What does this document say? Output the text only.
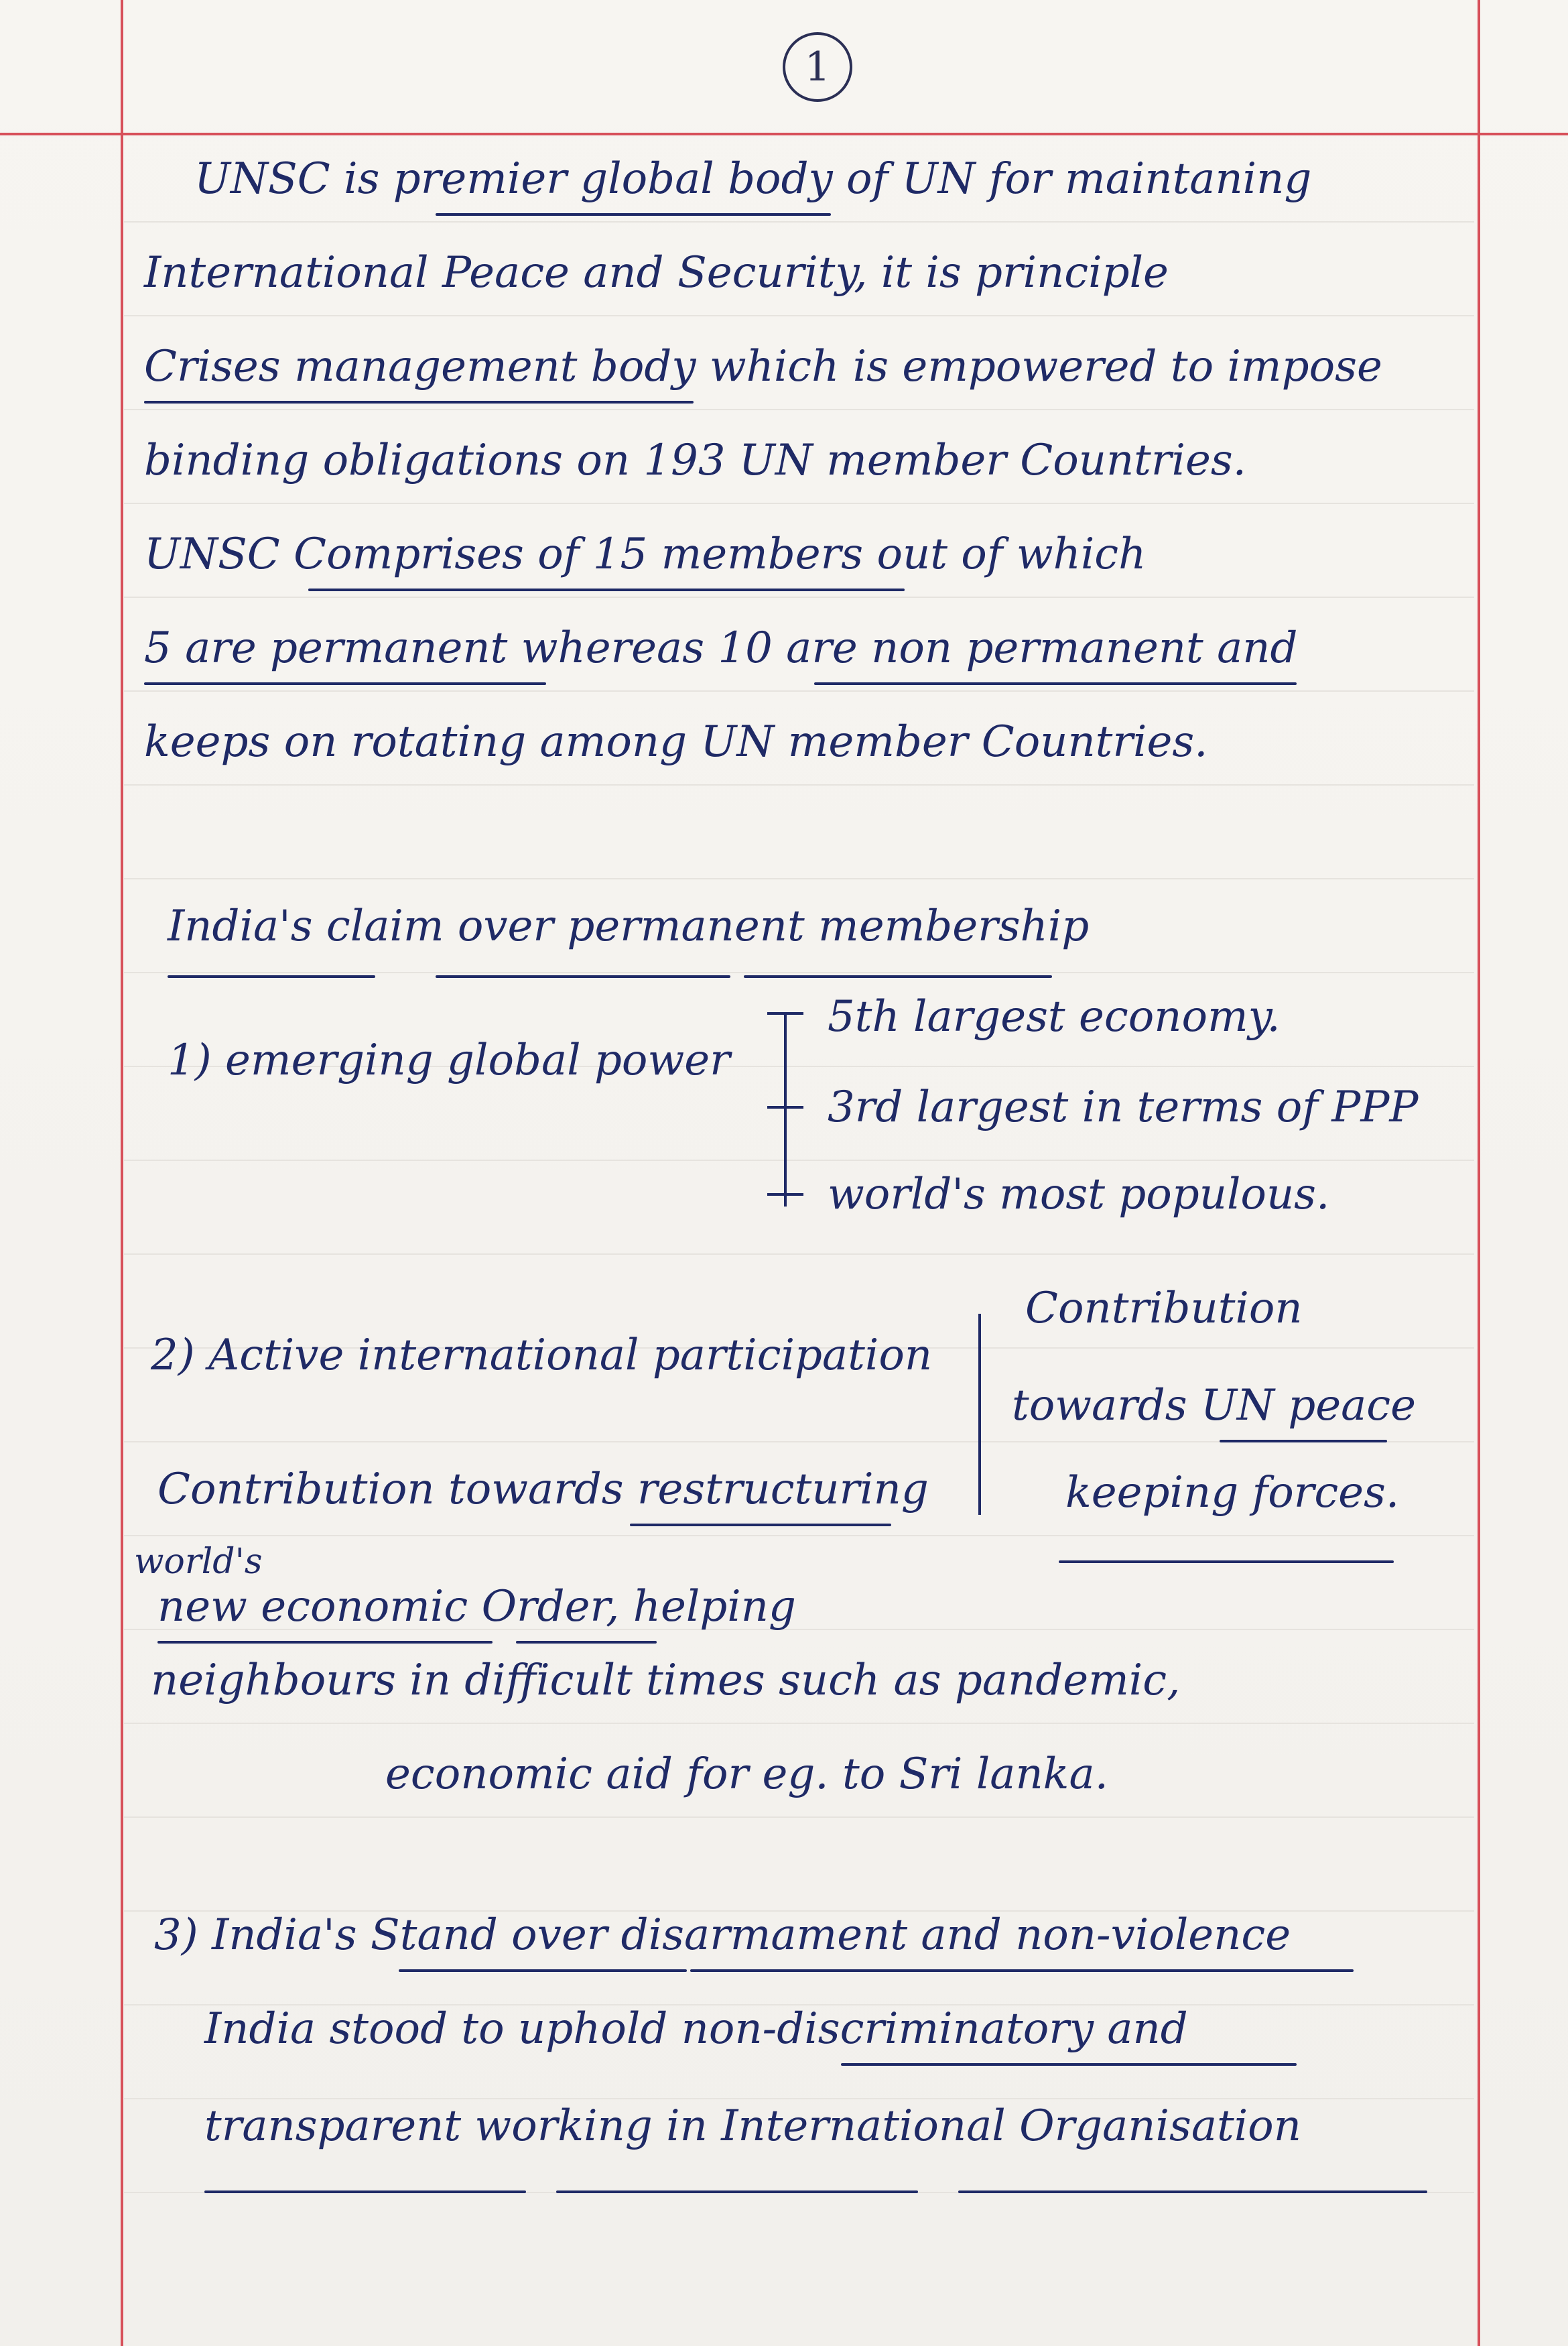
1
UNSC is premier global body of UN for maintaning
International Peace and Security, it is principle
Crises management body which is empowered to impose
binding obligations on 193 UN member Countries.
UNSC Comprises of 15 members out of which
5 are permanent whereas 10 are non permanent and
keeps on rotating among UN member Countries.
India's claim over permanent membership
1) emerging global power
5th largest economy.
3rd largest in terms of PPP
world's most populous.
2) Active international participation
Contribution
towards UN peace
keeping forces.
Contribution towards restructuring
world's
new economic Order, helping
neighbours in difficult times such as pandemic,
economic aid for eg. to Sri lanka.
3) India's Stand over disarmament and non-violence
India stood to uphold non-discriminatory and
transparent working in International Organisation
